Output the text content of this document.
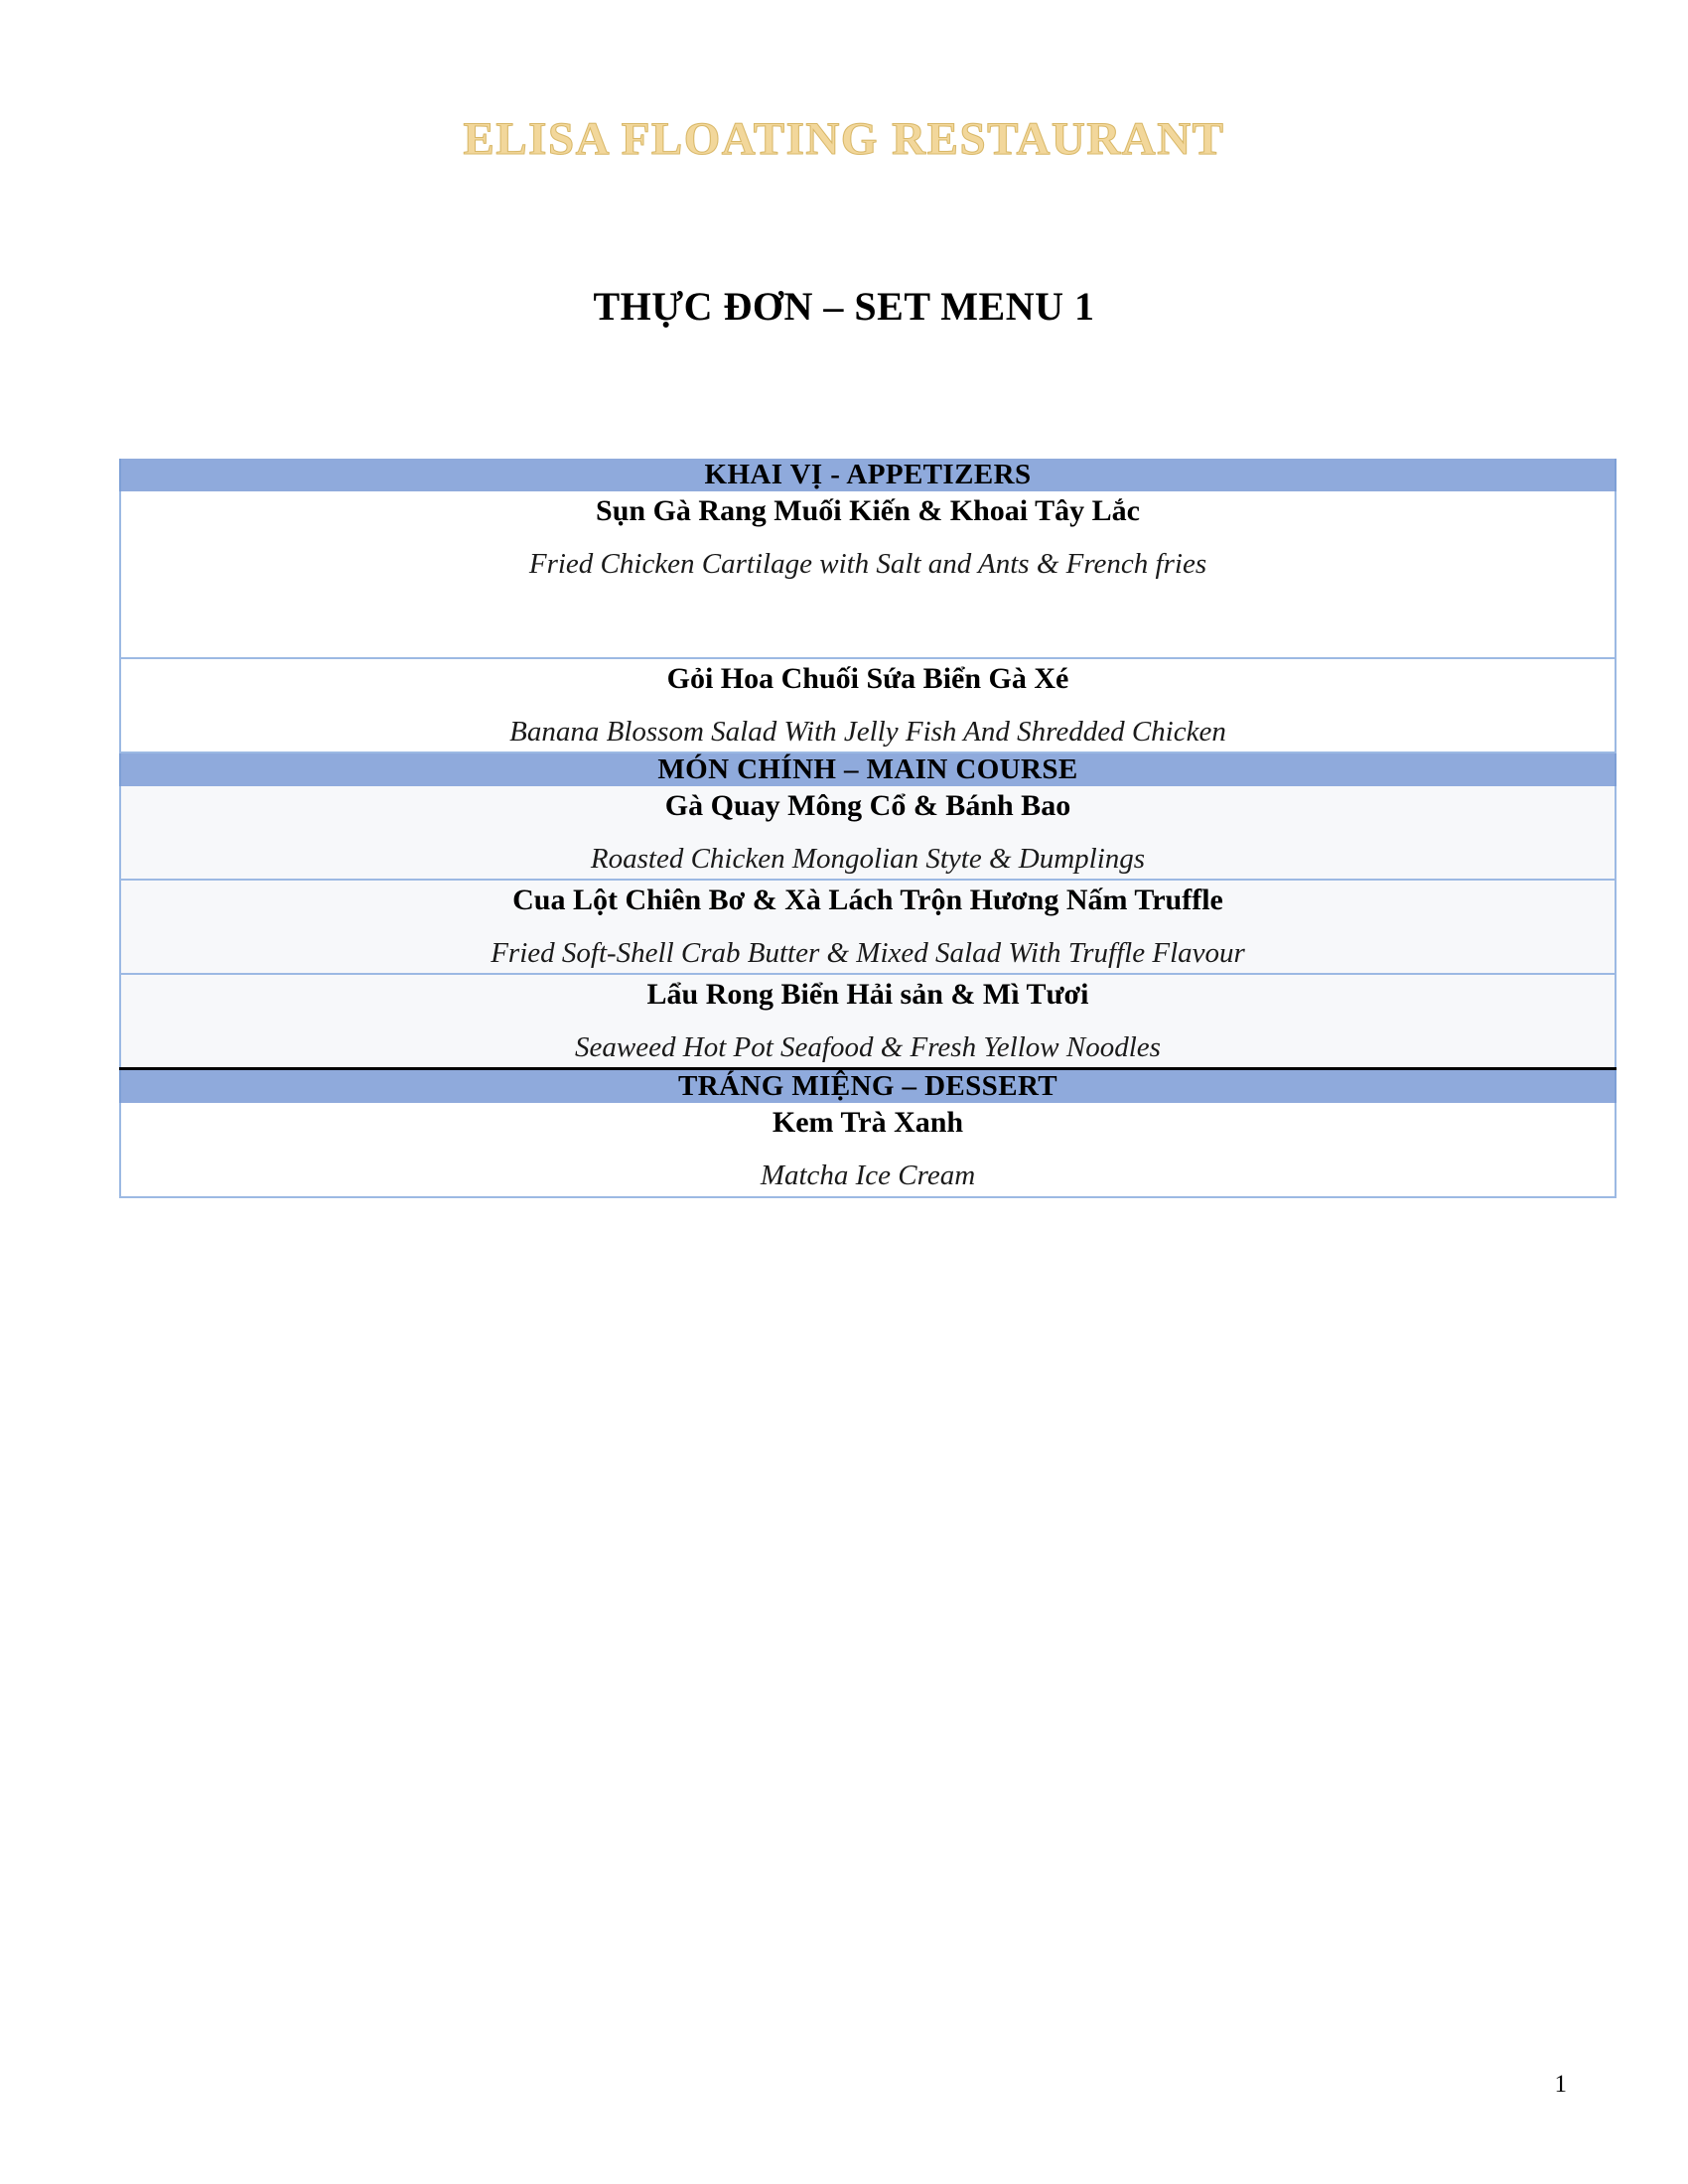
ELISA FLOATING RESTAURANT
THỰC ĐƠN – SET MENU 1
KHAI VỊ - APPETIZERS

Sụn Gà Rang Muối Kiến & Khoai Tây Lắc
Fried Chicken Cartilage with Salt and Ants & French fries

Gỏi Hoa Chuối Sứa Biển Gà Xé
Banana Blossom Salad With Jelly Fish And Shredded Chicken

MÓN CHÍNH – MAIN COURSE

Gà Quay Mông Cổ & Bánh Bao
Roasted Chicken Mongolian Styte & Dumplings

Cua Lột Chiên Bơ & Xà Lách Trộn Hương Nấm Truffle
Fried Soft-Shell Crab Butter & Mixed Salad With Truffle Flavour

Lẩu Rong Biển Hải sản & Mì Tươi
Seaweed Hot Pot Seafood & Fresh Yellow Noodles

TRÁNG MIỆNG – DESSERT

Kem Trà Xanh
Matcha Ice Cream
1
